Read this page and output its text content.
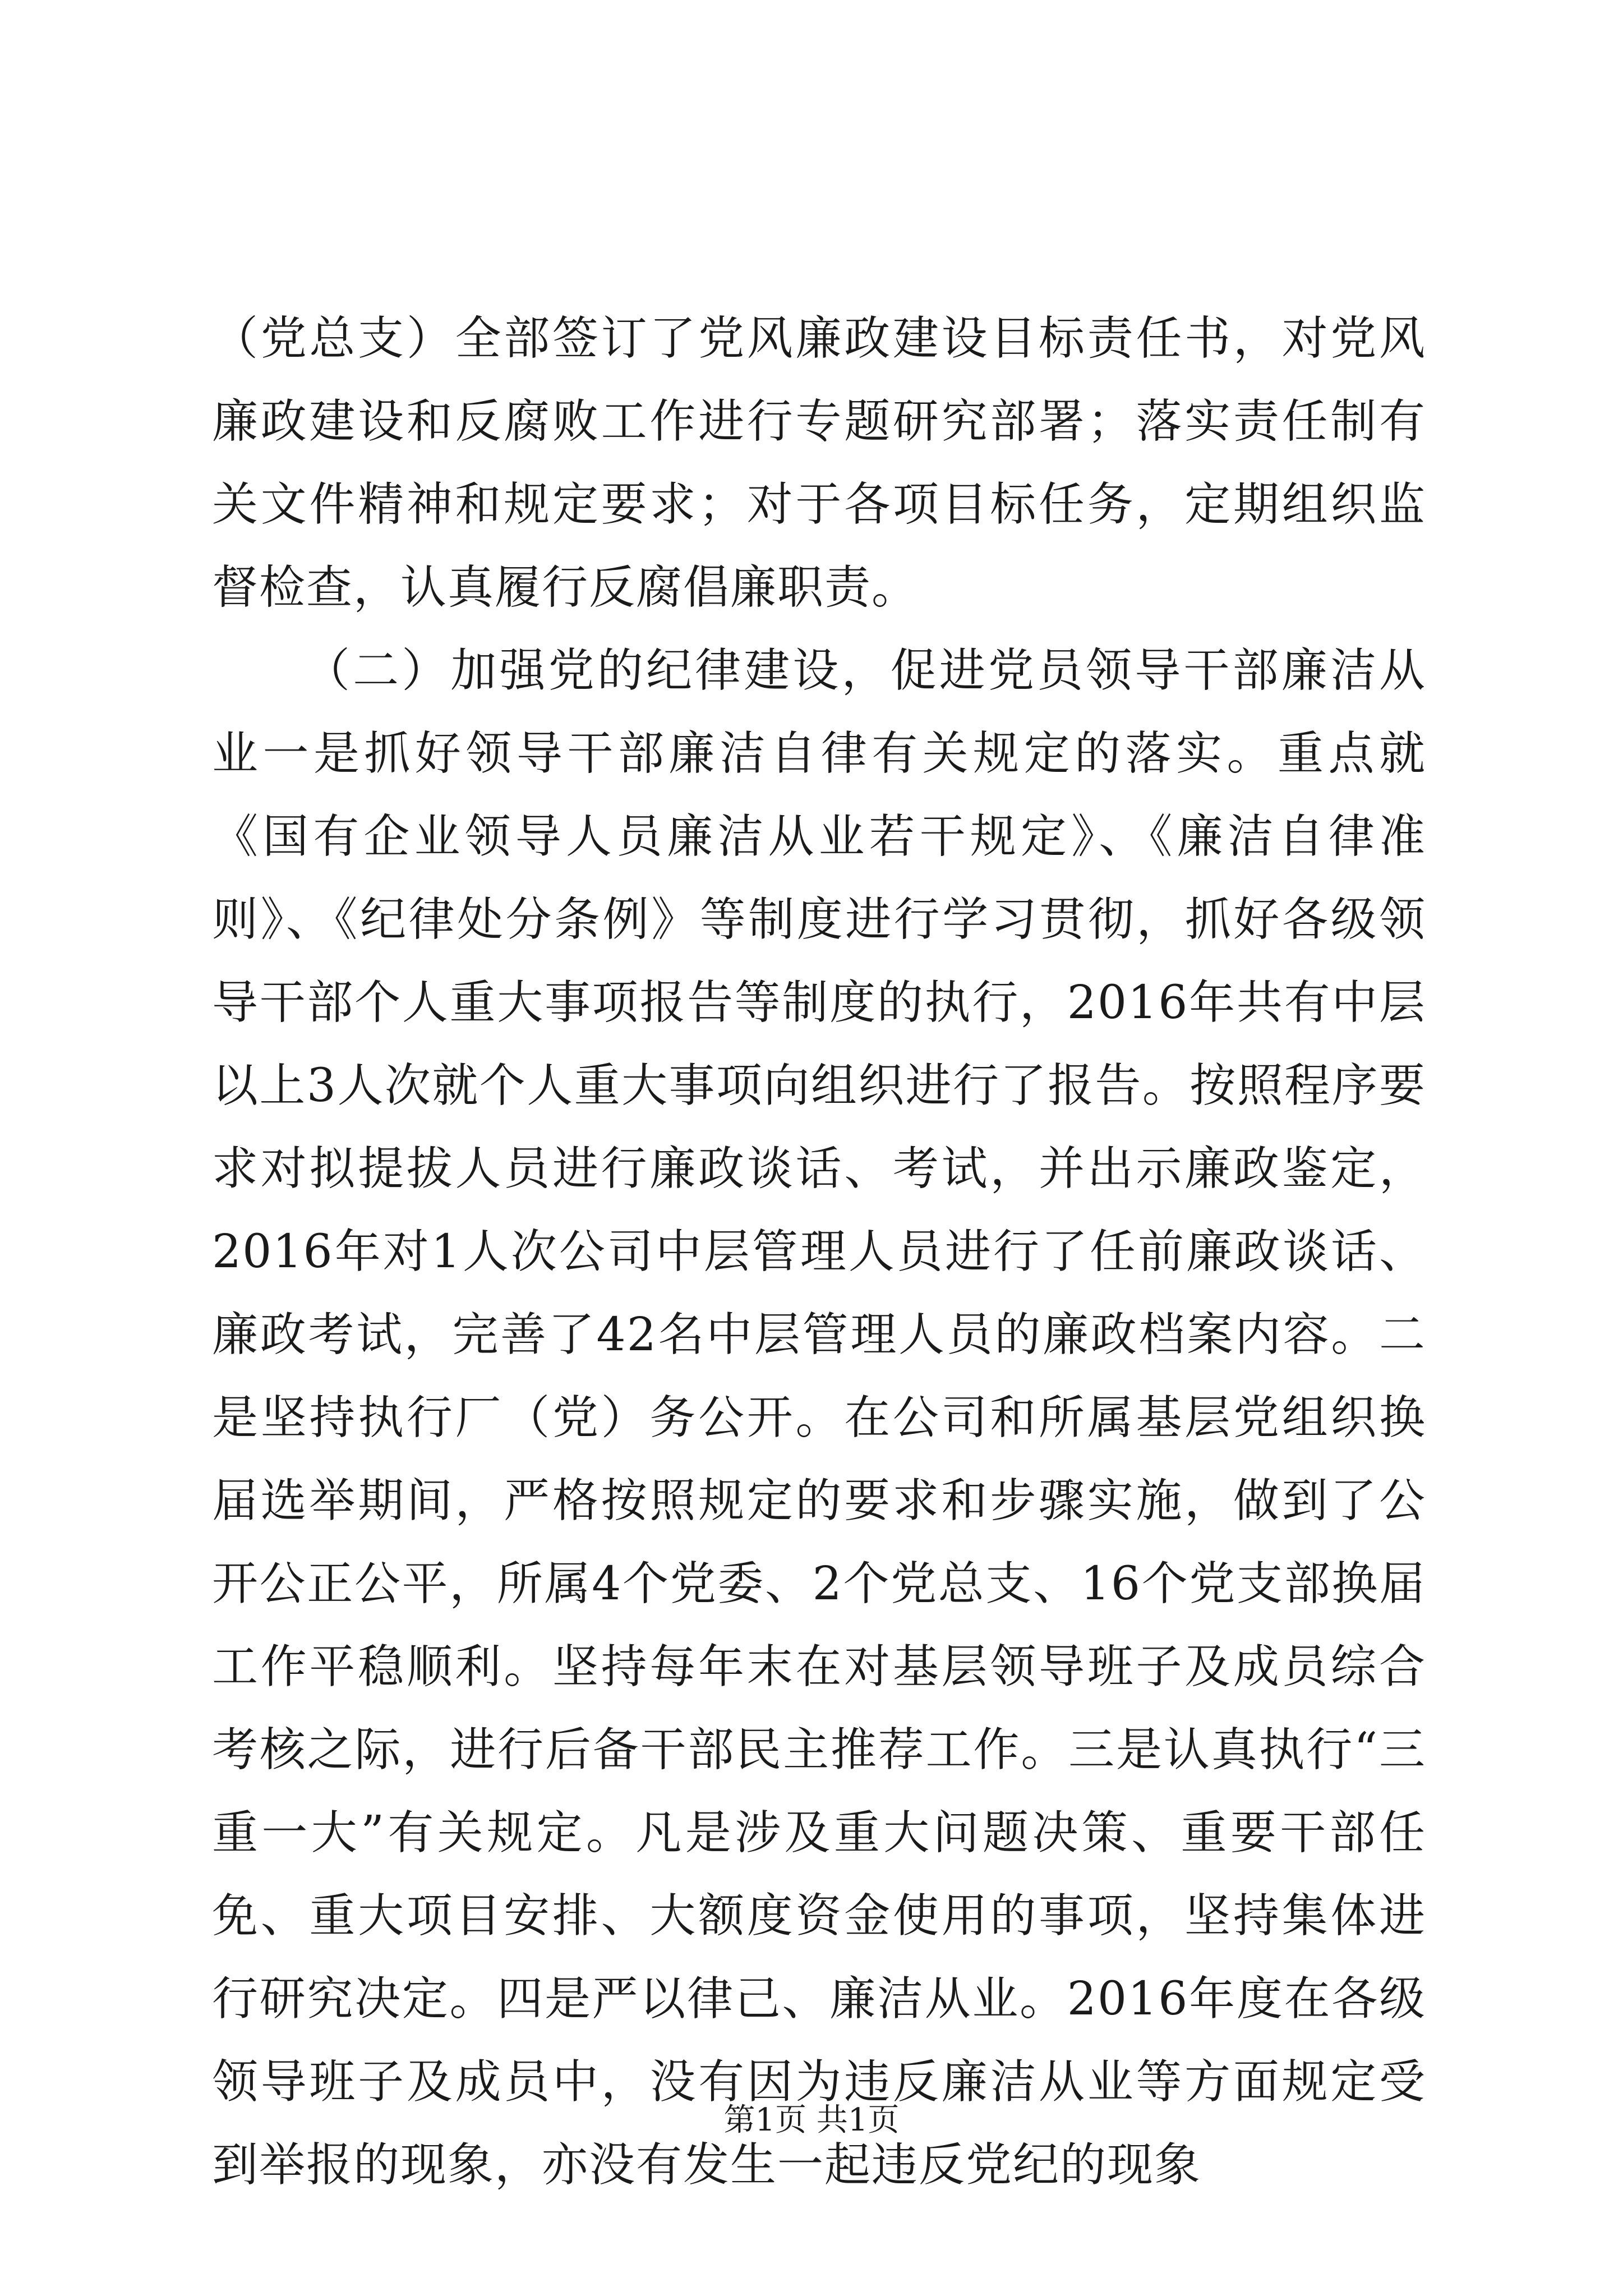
（党总支）全部签订了党风廉政建设目标责任书，对党风廉政建设和反腐败工作进行专题研究部署；落实责任制有关文件精神和规定要求；对于各项目标任务，定期组织监督检查，认真履行反腐倡廉职责。

（二）加强党的纪律建设，促进党员领导干部廉洁从业一是抓好领导干部廉洁自律有关规定的落实。重点就《国有企业领导人员廉洁从业若干规定》、《廉洁自律准则》、《纪律处分条例》等制度进行学习贯彻，抓好各级领导干部个人重大事项报告等制度的执行，2016年共有中层以上3人次就个人重大事项向组织进行了报告。按照程序要求对拟提拔人员进行廉政谈话、考试，并出示廉政鉴定，2016年对1人次公司中层管理人员进行了任前廉政谈话、廉政考试，完善了42名中层管理人员的廉政档案内容。二是坚持执行厂（党）务公开。在公司和所属基层党组织换届选举期间，严格按照规定的要求和步骤实施，做到了公开公正公平，所属4个党委、2个党总支、16个党支部换届工作平稳顺利。坚持每年末在对基层领导班子及成员综合考核之际，进行后备干部民主推荐工作。三是认真执行“三重一大”有关规定。凡是涉及重大问题决策、重要干部任免、重大项目安排、大额度资金使用的事项，坚持集体进行研究决定。四是严以律己、廉洁从业。2016年度在各级领导班子及成员中，没有因为违反廉洁从业等方面规定受到举报的现象，亦没有发生一起违反党纪的现象

第1页 共1页
